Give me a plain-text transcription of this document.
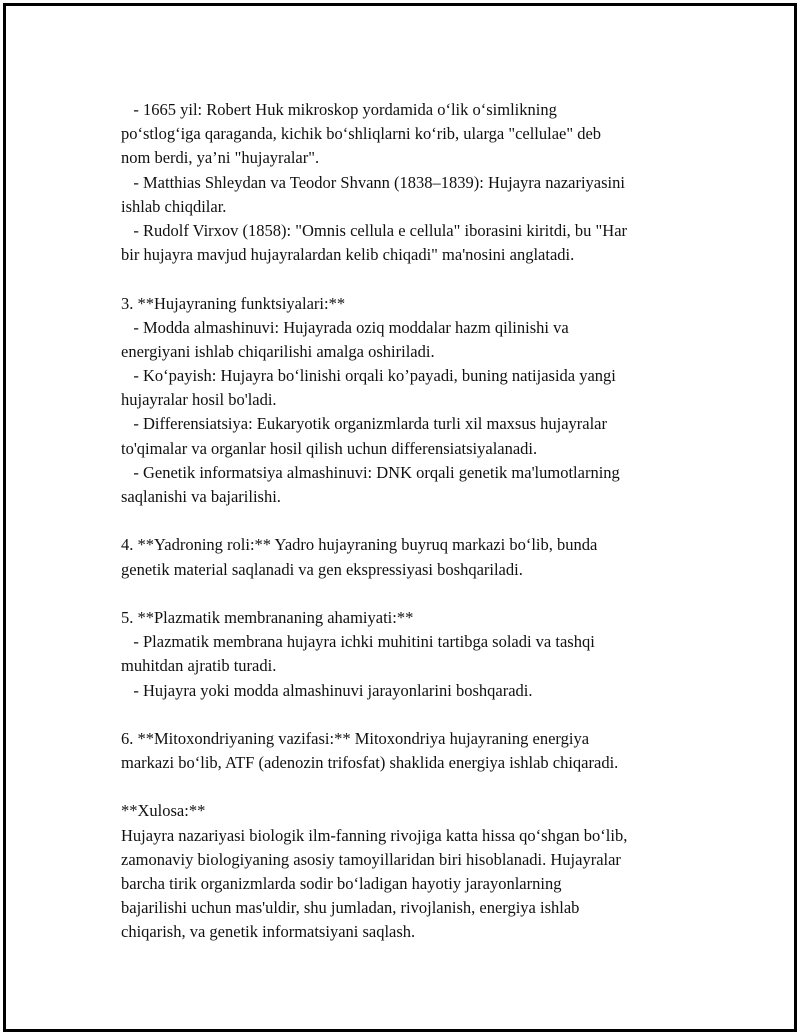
- 1665 yil: Robert Huk mikroskop yordamida o‘lik o‘simlikning
po‘stlog‘iga qaraganda, kichik bo‘shliqlarni ko‘rib, ularga "cellulae" deb
nom berdi, ya’ni "hujayralar".
- Matthias Shleydan va Teodor Shvann (1838–1839): Hujayra nazariyasini
ishlab chiqdilar.
- Rudolf Virxov (1858): "Omnis cellula e cellula" iborasini kiritdi, bu "Har
bir hujayra mavjud hujayralardan kelib chiqadi" ma'nosini anglatadi.
3. **Hujayraning funktsiyalari:**
- Modda almashinuvi: Hujayrada oziq moddalar hazm qilinishi va
energiyani ishlab chiqarilishi amalga oshiriladi.
- Ko‘payish: Hujayra bo‘linishi orqali ko’payadi, buning natijasida yangi
hujayralar hosil bo'ladi.
- Differensiatsiya: Eukaryotik organizmlarda turli xil maxsus hujayralar
to'qimalar va organlar hosil qilish uchun differensiatsiyalanadi.
- Genetik informatsiya almashinuvi: DNK orqali genetik ma'lumotlarning
saqlanishi va bajarilishi.
4. **Yadroning roli:** Yadro hujayraning buyruq markazi bo‘lib, bunda
genetik material saqlanadi va gen ekspressiyasi boshqariladi.
5. **Plazmatik membrananing ahamiyati:**
- Plazmatik membrana hujayra ichki muhitini tartibga soladi va tashqi
muhitdan ajratib turadi.
- Hujayra yoki modda almashinuvi jarayonlarini boshqaradi.
6. **Mitoxondriyaning vazifasi:** Mitoxondriya hujayraning energiya
markazi bo‘lib, ATF (adenozin trifosfat) shaklida energiya ishlab chiqaradi.
**Xulosa:**
Hujayra nazariyasi biologik ilm-fanning rivojiga katta hissa qo‘shgan bo‘lib,
zamonaviy biologiyaning asosiy tamoyillaridan biri hisoblanadi. Hujayralar
barcha tirik organizmlarda sodir bo‘ladigan hayotiy jarayonlarning
bajarilishi uchun mas'uldir, shu jumladan, rivojlanish, energiya ishlab
chiqarish, va genetik informatsiyani saqlash.
